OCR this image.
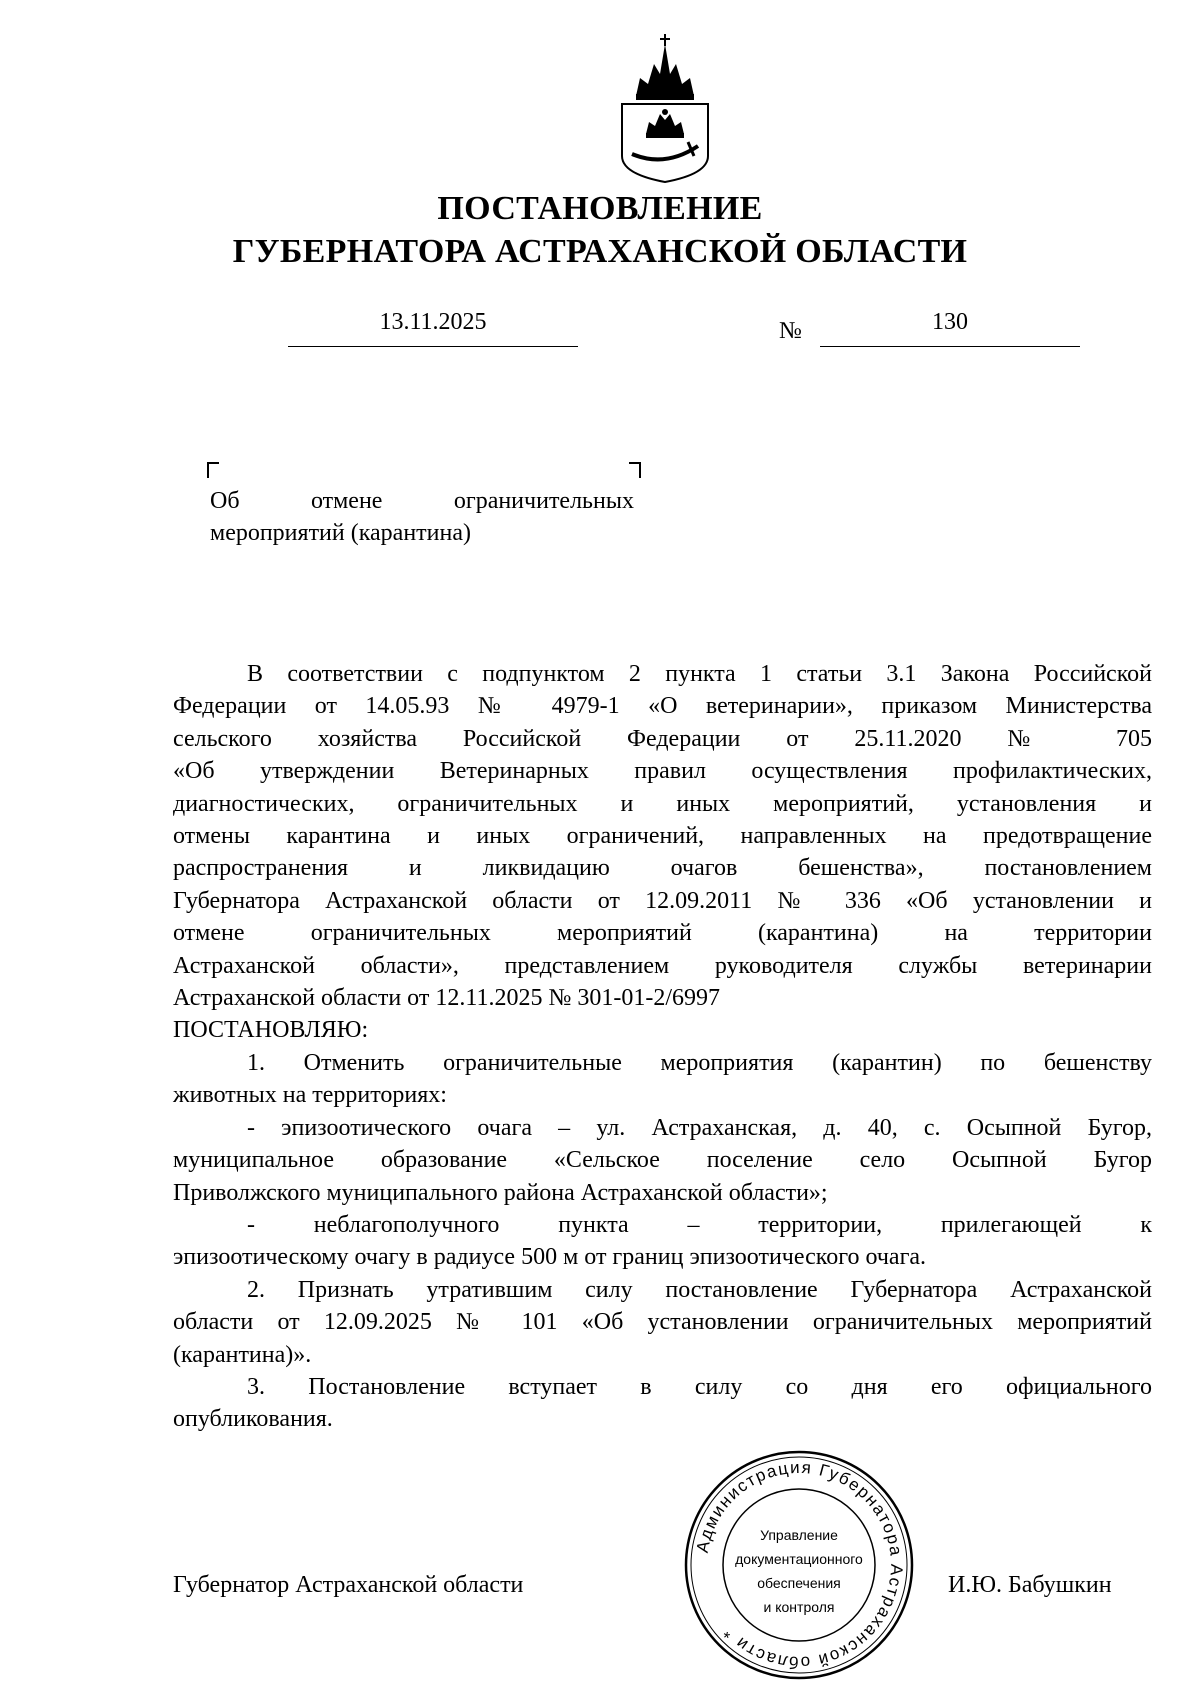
ПОСТАНОВЛЕНИЕ
ГУБЕРНАТОРА АСТРАХАНСКОЙ ОБЛАСТИ
13.11.2025	№	130
Об	отмене	ограничительных
мероприятий (карантина)

В соответствии с подпунктом 2 пункта 1 статьи 3.1 Закона Российской

Федерации от 14.05.93 № 4979-1 «О ветеринарии», приказом Министерства

сельского хозяйства Российской Федерации от 25.11.2020 № 705

«Об утверждении Ветеринарных правил осуществления профилактических,

диагностических, ограничительных и иных мероприятий, установления и

отмены карантина и иных ограничений, направленных на предотвращение

распространения и ликвидацию очагов бешенства», постановлением

Губернатора Астраханской области от 12.09.2011 № 336 «Об установлении и

отмене ограничительных мероприятий (карантина) на территории

Астраханской области», представлением руководителя службы ветеринарии

Астраханской области от 12.11.2025 № 301-01-2/6997

ПОСТАНОВЛЯЮ:

1. Отменить ограничительные мероприятия (карантин) по бешенству

животных на территориях:

- эпизоотического очага – ул. Астраханская, д. 40, с. Осыпной Бугор,

муниципальное образование «Сельское поселение село Осыпной Бугор

Приволжского муниципального района Астраханской области»;

- неблагополучного пункта – территории, прилегающей к

эпизоотическому очагу в радиусе 500 м от границ эпизоотического очага.

2. Признать утратившим силу постановление Губернатора Астраханской

области от 12.09.2025 № 101 «Об установлении ограничительных мероприятий

(карантина)».

3. Постановление вступает в силу со дня его официального

опубликования.

Губернатор Астраханской области	И.Ю. Бабушкин
Администрация Губернатора Астраханской области *
Управление
документационного
обеспечения
и контроля
